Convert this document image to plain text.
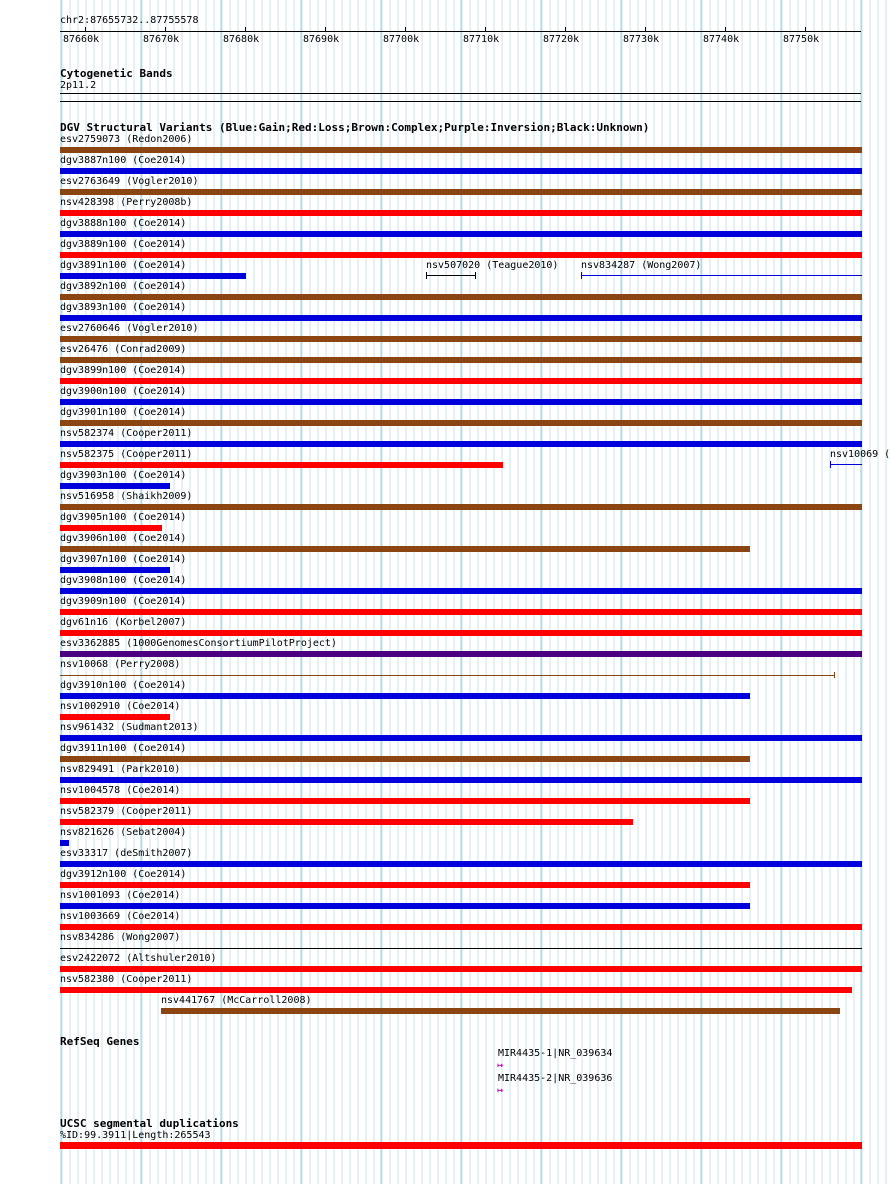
chr2:87655732..87755578
87660k	87670k	87680k	87690k	87700k	87710k	87720k	87730k	87740k	87750k
Cytogenetic Bands
2p11.2
DGV Structural Variants (Blue:Gain;Red:Loss;Brown:Complex;Purple:Inversion;Black:Unknown)
esv2759073 (Redon2006)
dgv3887n100 (Coe2014)
esv2763649 (Vogler2010)
nsv428398 (Perry2008b)
dgv3888n100 (Coe2014)
dgv3889n100 (Coe2014)
dgv3891n100 (Coe2014)
dgv3892n100 (Coe2014)
dgv3893n100 (Coe2014)
esv2760646 (Vogler2010)
esv26476 (Conrad2009)
dgv3899n100 (Coe2014)
dgv3900n100 (Coe2014)
dgv3901n100 (Coe2014)
nsv582374 (Cooper2011)
nsv582375 (Cooper2011)
dgv3903n100 (Coe2014)
nsv516958 (Shaikh2009)
dgv3905n100 (Coe2014)
dgv3906n100 (Coe2014)
dgv3907n100 (Coe2014)
dgv3908n100 (Coe2014)
dgv3909n100 (Coe2014)
dgv61n16 (Korbel2007)
esv3362885 (1000GenomesConsortiumPilotProject)
nsv10068 (Perry2008)
dgv3910n100 (Coe2014)
nsv1002910 (Coe2014)
nsv961432 (Sudmant2013)
dgv3911n100 (Coe2014)
nsv829491 (Park2010)
nsv1004578 (Coe2014)
nsv582379 (Cooper2011)
nsv821626 (Sebat2004)
esv33317 (deSmith2007)
dgv3912n100 (Coe2014)
nsv1001093 (Coe2014)
nsv1003669 (Coe2014)
nsv834286 (Wong2007)
esv2422072 (Altshuler2010)
nsv582380 (Cooper2011)
nsv441767 (McCarroll2008)
nsv507020 (Teague2010) nsv834287 (Wong2007)
nsv10069 (
RefSeq Genes
MIR4435-1|NR_039634
↦
MIR4435-2|NR_039636
↦
UCSC segmental duplications
%ID:99.3911|Length:265543
